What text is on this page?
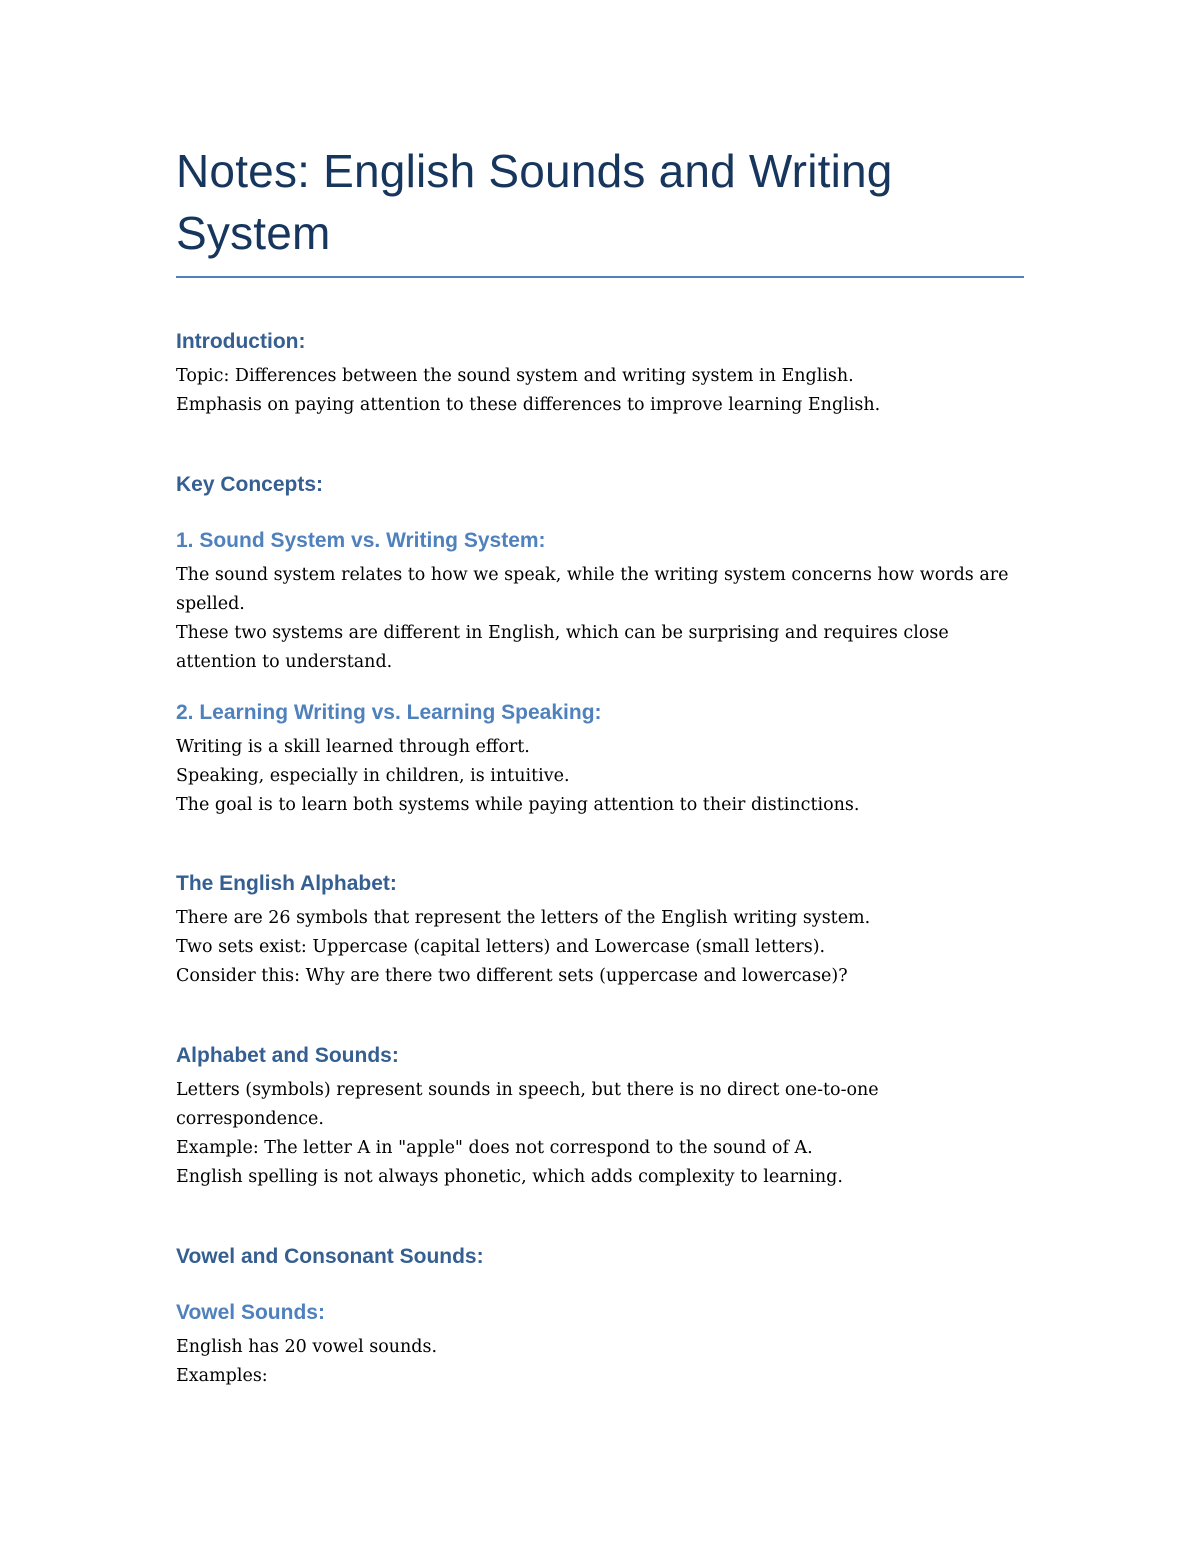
Notes: English Sounds and Writing System
Introduction:

Topic: Differences between the sound system and writing system in English.

Emphasis on paying attention to these differences to improve learning English.

Key Concepts:
1. Sound System vs. Writing System:

The sound system relates to how we speak, while the writing system concerns how words are spelled.

These two systems are different in English, which can be surprising and requires close attention to understand.

2. Learning Writing vs. Learning Speaking:

Writing is a skill learned through effort.

Speaking, especially in children, is intuitive.

The goal is to learn both systems while paying attention to their distinctions.

The English Alphabet:

There are 26 symbols that represent the letters of the English writing system.

Two sets exist: Uppercase (capital letters) and Lowercase (small letters).

Consider this: Why are there two different sets (uppercase and lowercase)?

Alphabet and Sounds:

Letters (symbols) represent sounds in speech, but there is no direct one-to-one correspondence.

Example: The letter A in "apple" does not correspond to the sound of A.

English spelling is not always phonetic, which adds complexity to learning.

Vowel and Consonant Sounds:
Vowel Sounds:

English has 20 vowel sounds.

Examples:
